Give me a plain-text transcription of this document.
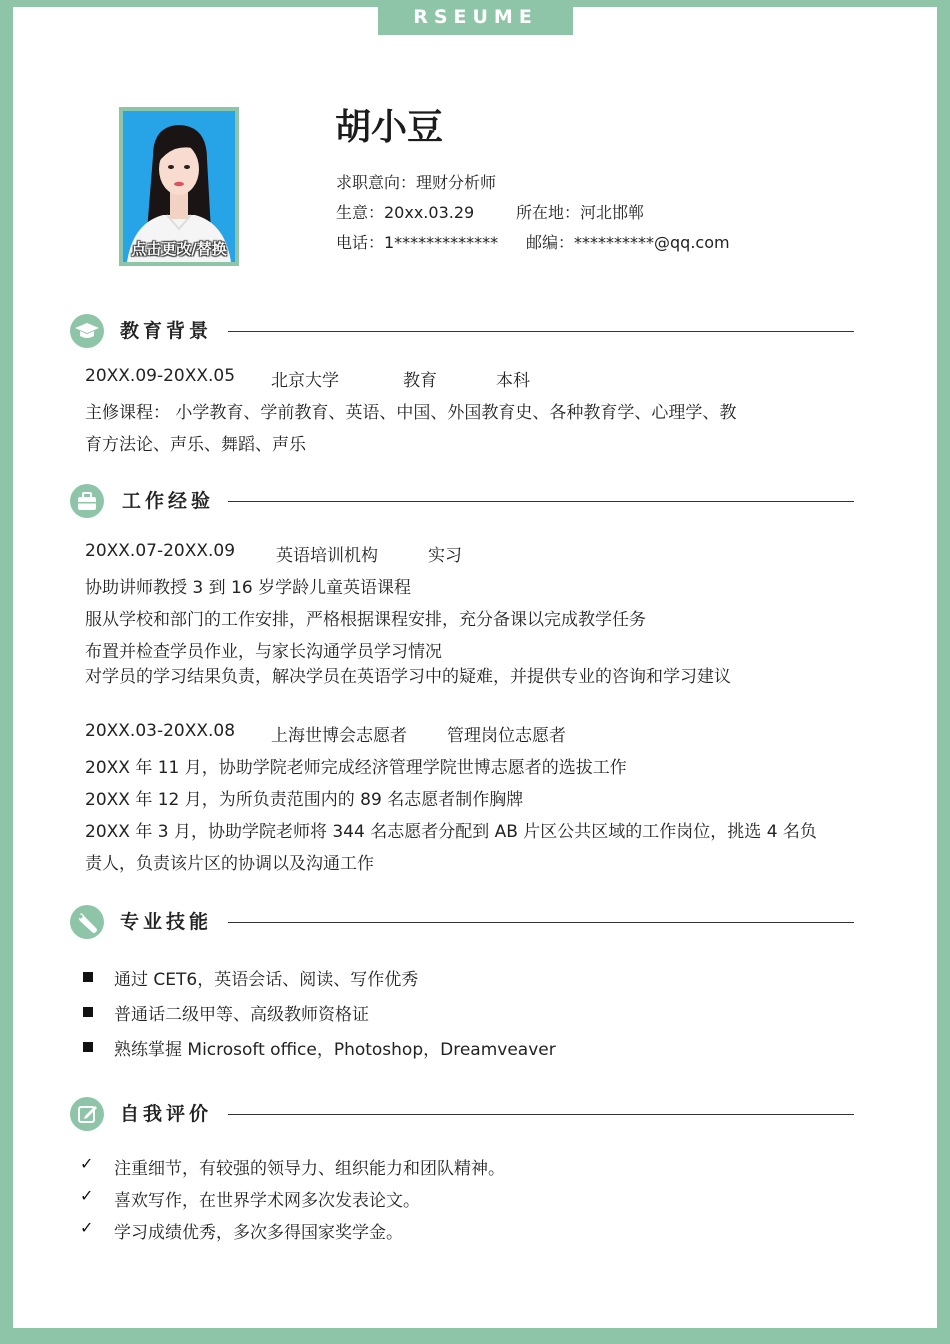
RSEUME
点击更改/替换
胡小豆
求职意向：理财分析师
生意：20xx.03.29	所在地：河北邯郸
电话：1************* 邮编：**********@qq.com
教育背景
20XX.09-20XX.05 北京大学	教育	本科
主修课程： 小学教育、学前教育、英语、中国、外国教育史、各种教育学、心理学、教
育方法论、声乐、舞蹈、声乐
工作经验
20XX.07-20XX.09 英语培训机构	实习
协助讲师教授 3 到 16 岁学龄儿童英语课程
服从学校和部门的工作安排，严格根据课程安排，充分备课以完成教学任务
布置并检查学员作业，与家长沟通学员学习情况
对学员的学习结果负责，解决学员在英语学习中的疑难，并提供专业的咨询和学习建议
20XX.03-20XX.08 上海世博会志愿者 管理岗位志愿者
20XX 年 11 月，协助学院老师完成经济管理学院世博志愿者的选拔工作
20XX 年 12 月，为所负责范围内的 89 名志愿者制作胸牌
20XX 年 3 月，协助学院老师将 344 名志愿者分配到 AB 片区公共区域的工作岗位，挑选 4 名负
责人，负责该片区的协调以及沟通工作
专业技能
通过 CET6，英语会话、阅读、写作优秀
普通话二级甲等、高级教师资格证
熟练掌握 Microsoft office，Photoshop，Dreamveaver
自我评价
✓ 注重细节，有较强的领导力、组织能力和团队精神。
✓ 喜欢写作，在世界学术网多次发表论文。
✓ 学习成绩优秀，多次多得国家奖学金。
